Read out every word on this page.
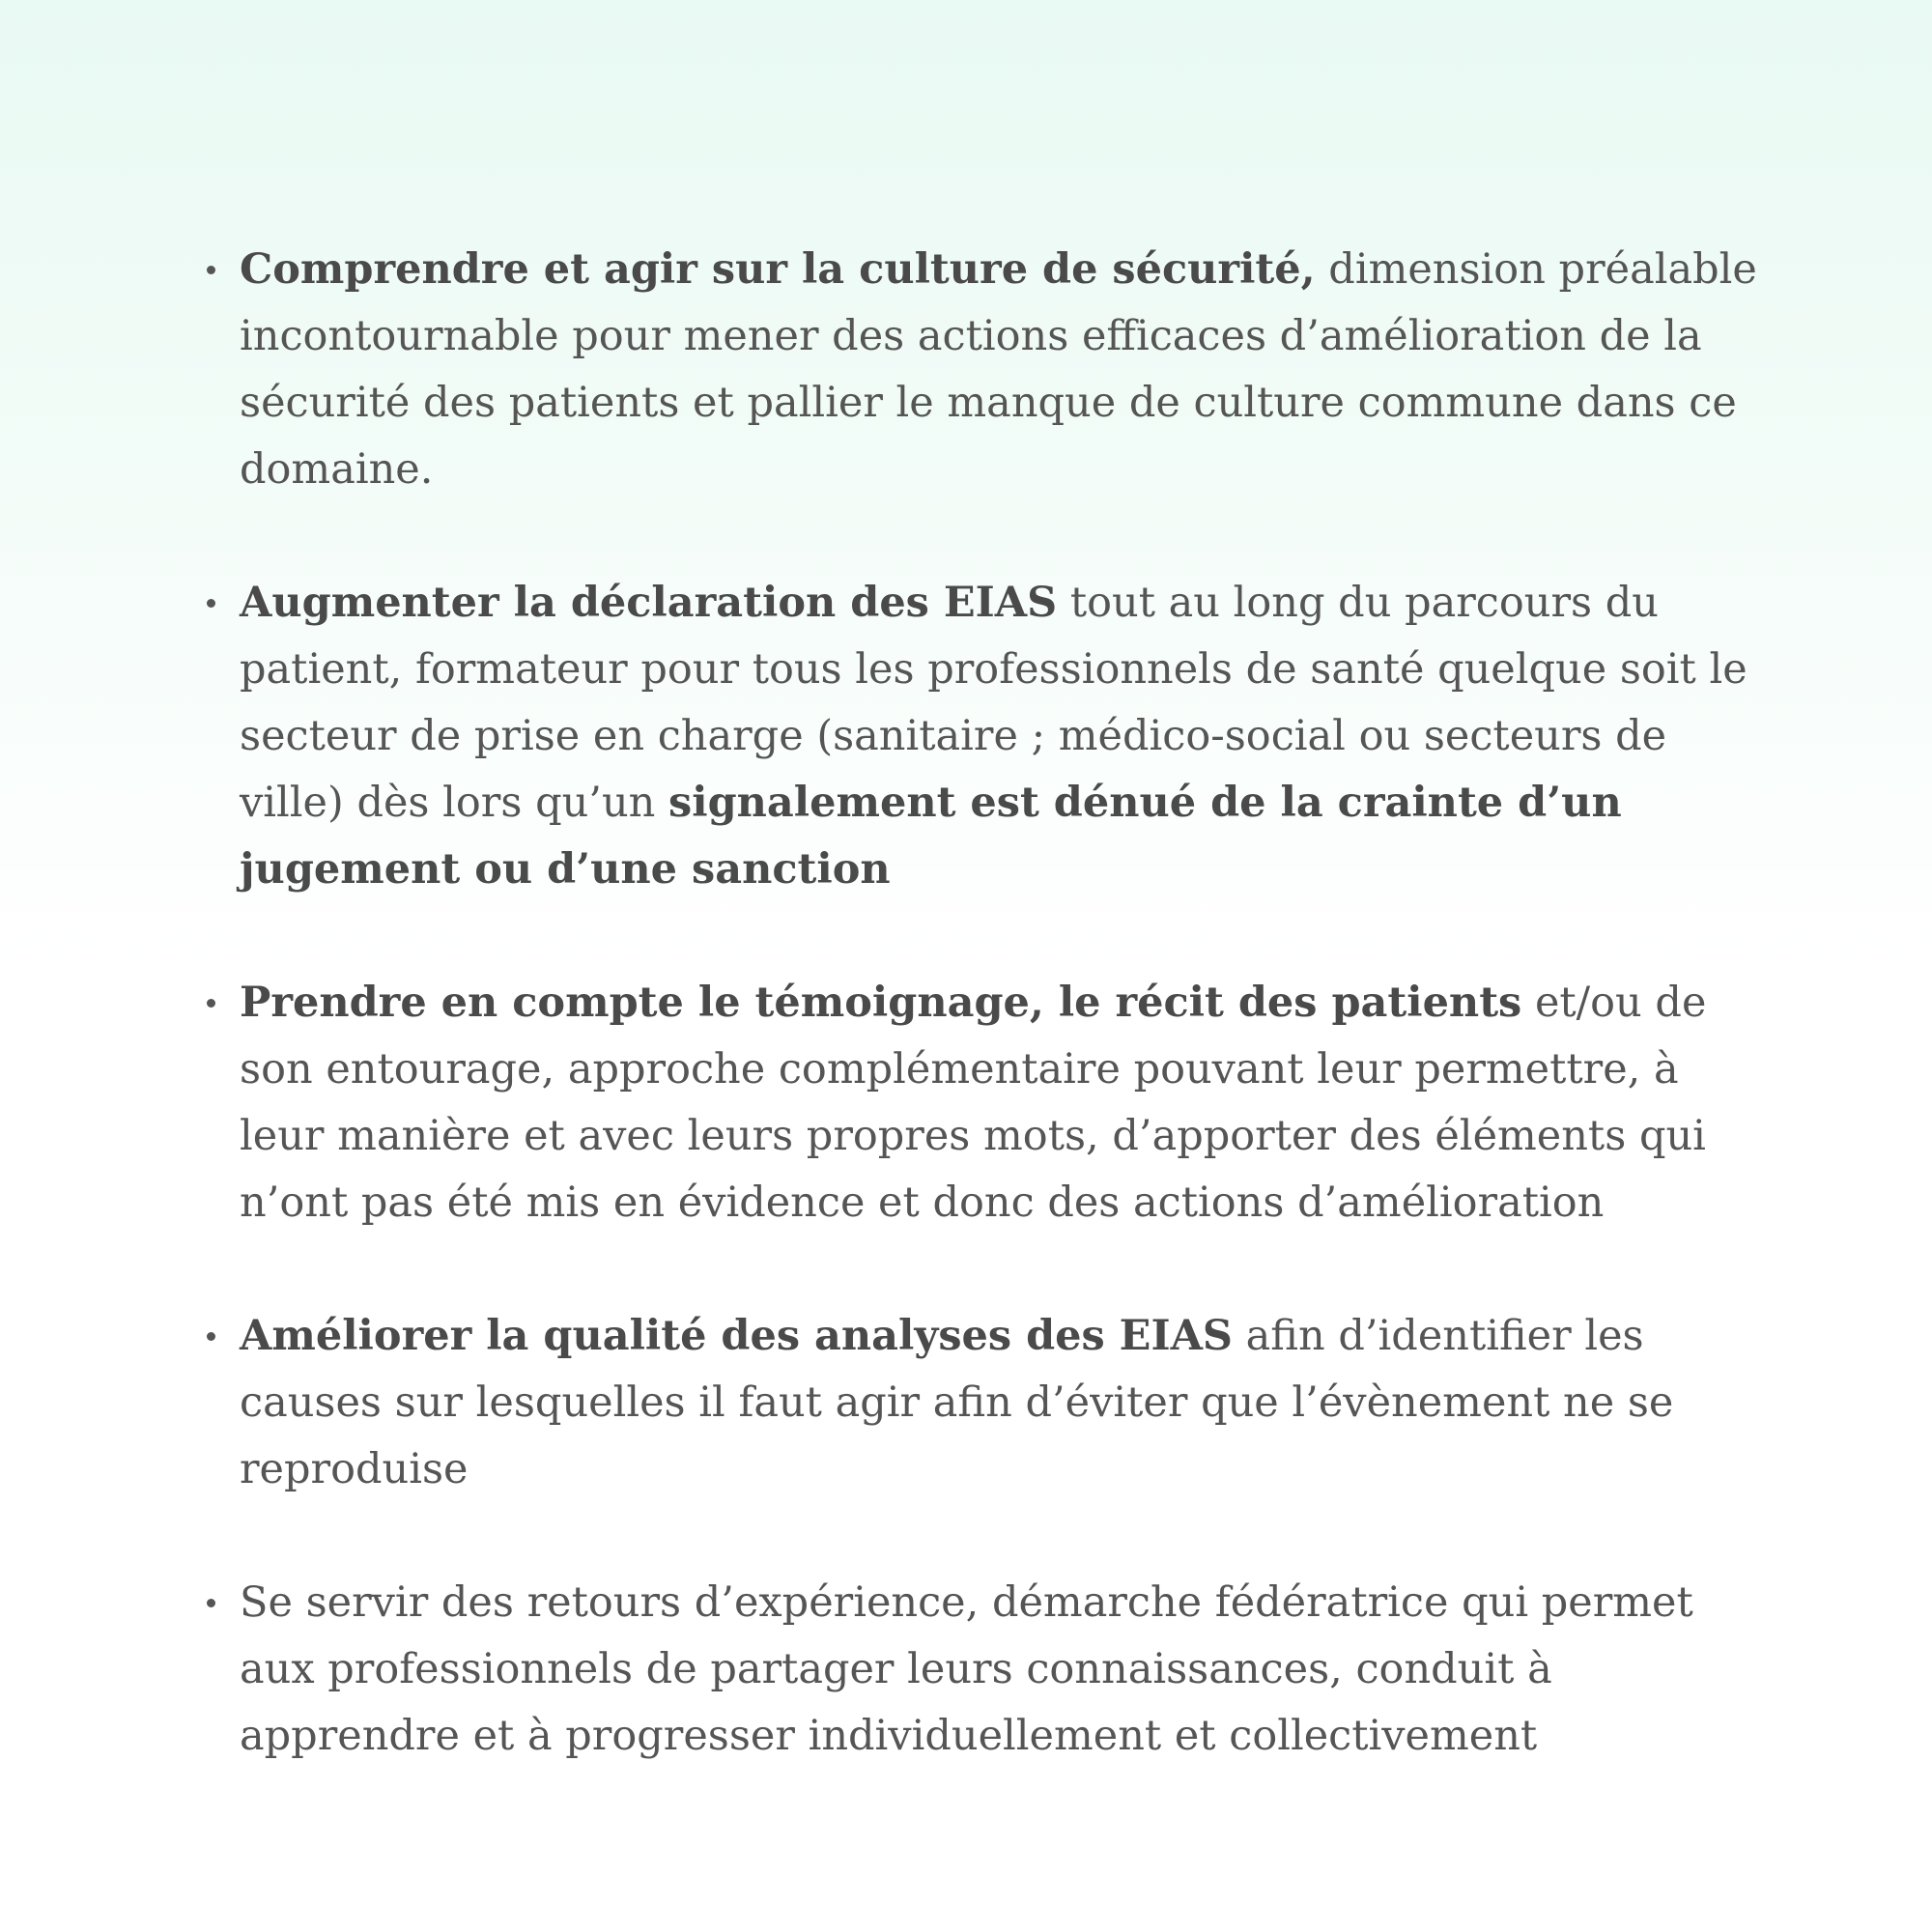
Comprendre et agir sur la culture de sécurité, dimension préalable incontournable pour mener des actions efficaces d’amélioration de la sécurité des patients et pallier le manque de culture commune dans ce domaine.
Augmenter la déclaration des EIAS tout au long du parcours du patient, formateur pour tous les professionnels de santé quelque soit le secteur de prise en charge (sanitaire ; médico-social ou secteurs de ville) dès lors qu’un signalement est dénué de la crainte d’un jugement ou d’une sanction
Prendre en compte le témoignage, le récit des patients et/ou de son entourage, approche complémentaire pouvant leur permettre, à leur manière et avec leurs propres mots, d’apporter des éléments qui n’ont pas été mis en évidence et donc des actions d’amélioration
Améliorer la qualité des analyses des EIAS afin d’identifier les causes sur lesquelles il faut agir afin d’éviter que l’évènement ne se reproduise
Se servir des retours d’expérience, démarche fédératrice qui permet aux professionnels de partager leurs connaissances, conduit à apprendre et à progresser individuellement et collectivement
